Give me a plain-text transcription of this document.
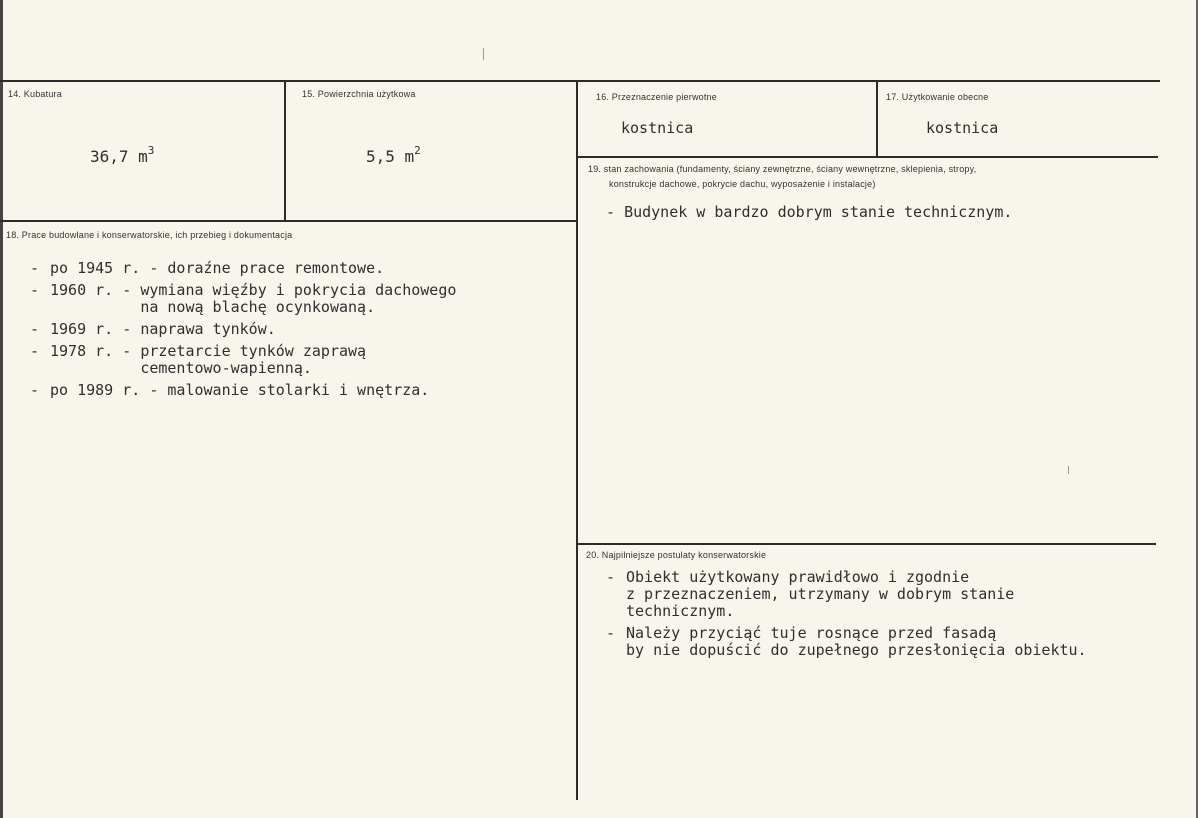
14. Kubatura
36,7 $m^3$
15. Powierzchnia użytkowa
5,5 $m^2$
16. Przeznaczenie pierwotne
kostnica
17. Użytkowanie obecne
kostnica
19. stan zachowania (fundamenty, ściany zewnętrzne, ściany wewnętrzne, sklepienia, stropy,
konstrukcje dachowe, pokrycie dachu, wyposażenie i instalacje)
- Budynek w bardzo dobrym stanie technicznym.
18. Prace budowlane i konserwatorskie, ich przebieg i dokumentacja
- po 1945 r. - doraźne prace remontowe.
- 1960 r. - wymiana więźby i pokrycia dachowego
na nową blachę ocynkowaną.
- 1969 r. - naprawa tynków.
- 1978 r. - przetarcie tynków zaprawą
cementowo-wapienną.
- po 1989 r. - malowanie stolarki i wnętrza.
20. Najpilniejsze postulaty konserwatorskie
- Obiekt użytkowany prawidłowo i zgodnie
z przeznaczeniem, utrzymany w dobrym stanie
technicznym.
- Należy przyciąć tuje rosnące przed fasadą
by nie dopuścić do zupełnego przesłonięcia obiektu.
